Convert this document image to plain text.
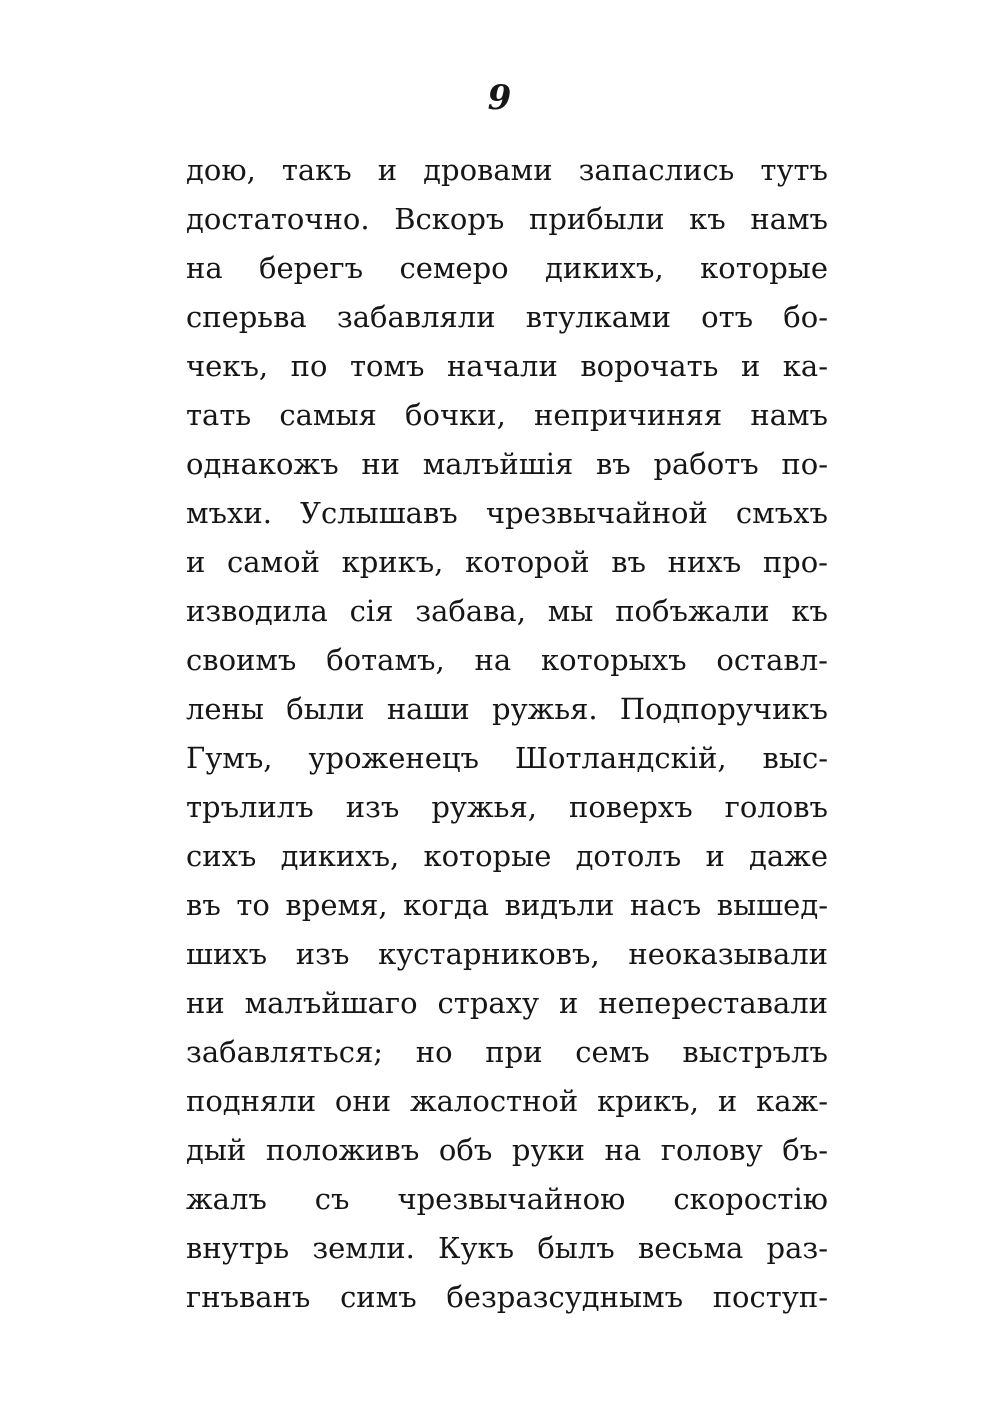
9
дою, такъ и дровами запаслись тутъ
достаточно. Вскоръ прибыли къ намъ
на берегъ семеро дикихъ, которые
сперьва забавляли втулками отъ бо-
чекъ, по томъ начали ворочать и ка-
тать самыя бочки, непричиняя намъ
однакожъ ни малъйшія въ работъ по-
мъхи. Услышавъ чрезвычайной смъхъ
и самой крикъ, которой въ нихъ про-
изводила сія забава, мы побъжали къ
своимъ ботамъ, на которыхъ оставл-
лены были наши ружья. Подпоручикъ
Гумъ, уроженецъ Шотландскій, выс-
трълилъ изъ ружья, поверхъ головъ
сихъ дикихъ, которые дотолъ и даже
въ то время, когда видъли насъ вышед-
шихъ изъ кустарниковъ, неоказывали
ни малъйшаго страху и непереставали
забавляться; но при семъ выстрълъ
подняли они жалостной крикъ, и каж-
дый положивъ объ руки на голову бъ-
жалъ съ чрезвычайною скоростію
внутрь земли. Кукъ былъ весьма раз-
гнъванъ симъ безразсуднымъ поступ-
